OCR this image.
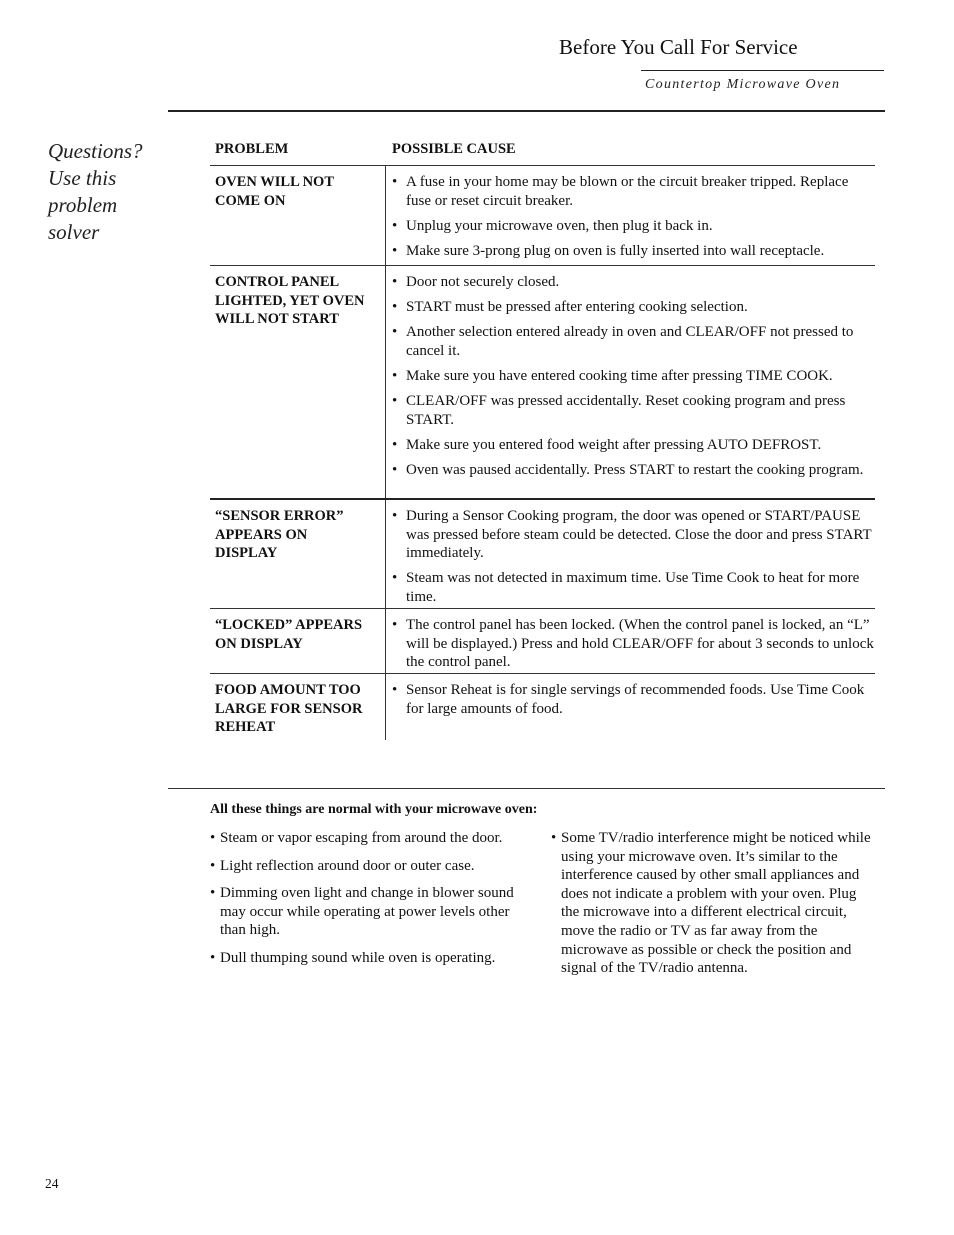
Before You Call For Service
Countertop Microwave Oven
Questions?
Use this
problem
solver
PROBLEM	POSSIBLE CAUSE
OVEN WILL NOT COME ON
• A fuse in your home may be blown or the circuit breaker tripped. Replace fuse or reset circuit breaker.
• Unplug your microwave oven, then plug it back in.
• Make sure 3-prong plug on oven is fully inserted into wall receptacle.
CONTROL PANEL LIGHTED, YET OVEN WILL NOT START
• Door not securely closed.
• START must be pressed after entering cooking selection.
• Another selection entered already in oven and CLEAR/OFF not pressed to cancel it.
• Make sure you have entered cooking time after pressing TIME COOK.
• CLEAR/OFF was pressed accidentally. Reset cooking program and press START.
• Make sure you entered food weight after pressing AUTO DEFROST.
• Oven was paused accidentally. Press START to restart the cooking program.
“SENSOR ERROR” APPEARS ON DISPLAY
• During a Sensor Cooking program, the door was opened or START/PAUSE was pressed before steam could be detected. Close the door and press START immediately.
• Steam was not detected in maximum time. Use Time Cook to heat for more time.
“LOCKED” APPEARS ON DISPLAY
• The control panel has been locked. (When the control panel is locked, an “L” will be displayed.) Press and hold CLEAR/OFF for about 3 seconds to unlock the control panel.
FOOD AMOUNT TOO LARGE FOR SENSOR REHEAT
• Sensor Reheat is for single servings of recommended foods. Use Time Cook for large amounts of food.
All these things are normal with your microwave oven:
• Steam or vapor escaping from around the door.
• Light reflection around door or outer case.
• Dimming oven light and change in blower sound may occur while operating at power levels other than high.
• Dull thumping sound while oven is operating.
• Some TV/radio interference might be noticed while using your microwave oven. It’s similar to the interference caused by other small appliances and does not indicate a problem with your oven. Plug the microwave into a different electrical circuit, move the radio or TV as far away from the microwave as possible or check the position and signal of the TV/radio antenna.
24
